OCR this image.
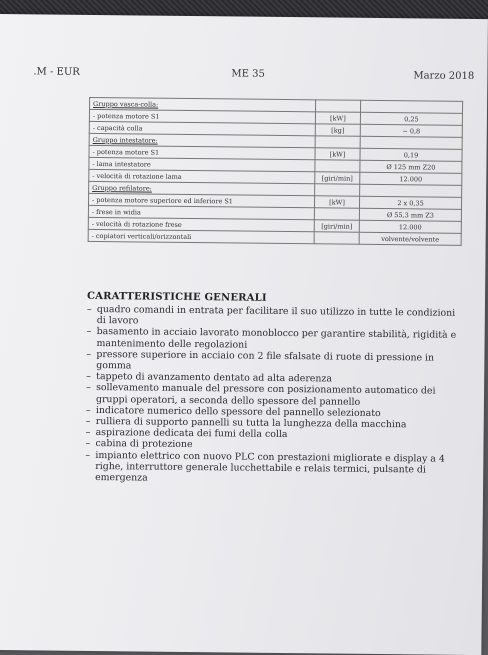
.M - EUR	ME 35	Marzo 2018
Gruppo vasca-colla:		
- potenza motore S1	[kW]	0,25
- capacità colla	[kg]	~ 0,8
Gruppo intestatore:		
- potenza motore S1	[kW]	0,19
- lama intestatore		Ø 125 mm Z20
- velocità di rotazione lama	[giri/min]	12.000
Gruppo refilatore:		
- potenza motore superiore ed inferiore S1	[kW]	2 x 0,35
- frese in widia		Ø 55,3 mm Z3
- velocità di rotazione frese	[giri/min]	12.000
- copiatori verticali/orizzontali		volvente/volvente
CARATTERISTICHE GENERALI
– quadro comandi in entrata per facilitare il suo utilizzo in tutte le condizioni di lavoro
– basamento in acciaio lavorato monoblocco per garantire stabilità, rigidità e mantenimento delle regolazioni
– pressore superiore in acciaio con 2 file sfalsate di ruote di pressione in gomma
– tappeto di avanzamento dentato ad alta aderenza
– sollevamento manuale del pressore con posizionamento automatico dei gruppi operatori, a seconda dello spessore del pannello
– indicatore numerico dello spessore del pannello selezionato
– rulliera di supporto pannelli su tutta la lunghezza della macchina
– aspirazione dedicata dei fumi della colla
– cabina di protezione
– impianto elettrico con nuovo PLC con prestazioni migliorate e display a 4 righe, interruttore generale lucchettabile e relais termici, pulsante di emergenza
